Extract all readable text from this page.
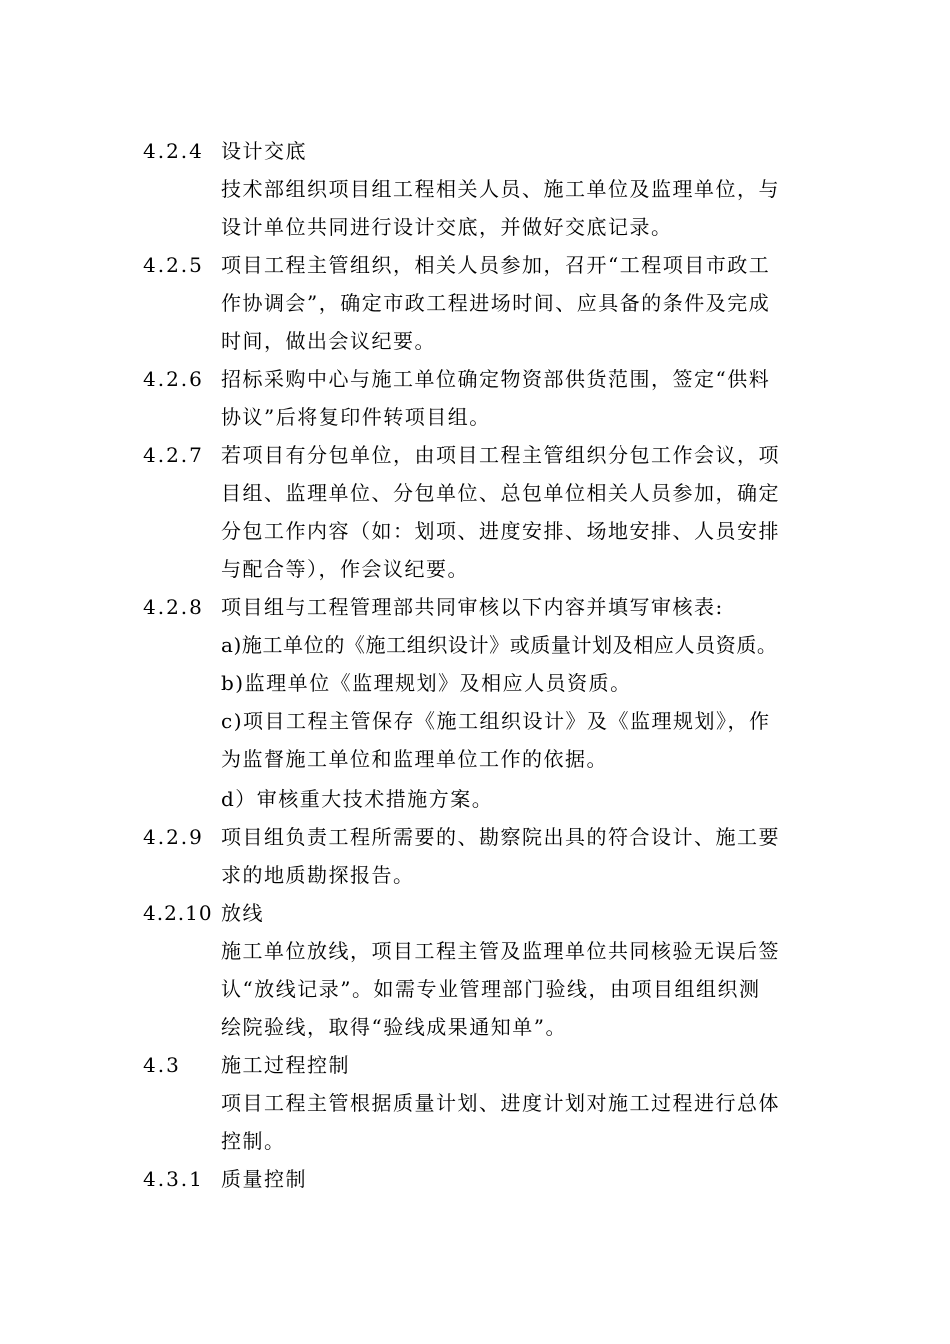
4.2.4 设计交底
技术部组织项目组工程相关人员、施工单位及监理单位，与
设计单位共同进行设计交底，并做好交底记录。
4.2.5 项目工程主管组织，相关人员参加，召开“工程项目市政工
作协调会”，确定市政工程进场时间、应具备的条件及完成
时间，做出会议纪要。
4.2.6 招标采购中心与施工单位确定物资部供货范围，签定“供料
协议”后将复印件转项目组。
4.2.7 若项目有分包单位，由项目工程主管组织分包工作会议，项
目组、监理单位、分包单位、总包单位相关人员参加，确定
分包工作内容（如：划项、进度安排、场地安排、人员安排
与配合等），作会议纪要。
4.2.8 项目组与工程管理部共同审核以下内容并填写审核表:
a)施工单位的《施工组织设计》或质量计划及相应人员资质。
b)监理单位《监理规划》及相应人员资质。
c)项目工程主管保存《施工组织设计》及《监理规划》，作
为监督施工单位和监理单位工作的依据。
d）审核重大技术措施方案。
4.2.9 项目组负责工程所需要的、勘察院出具的符合设计、施工要
求的地质勘探报告。
4.2.10 放线
施工单位放线，项目工程主管及监理单位共同核验无误后签
认“放线记录”。如需专业管理部门验线，由项目组组织测
绘院验线，取得“验线成果通知单”。
4.3 施工过程控制
项目工程主管根据质量计划、进度计划对施工过程进行总体
控制。
4.3.1 质量控制
